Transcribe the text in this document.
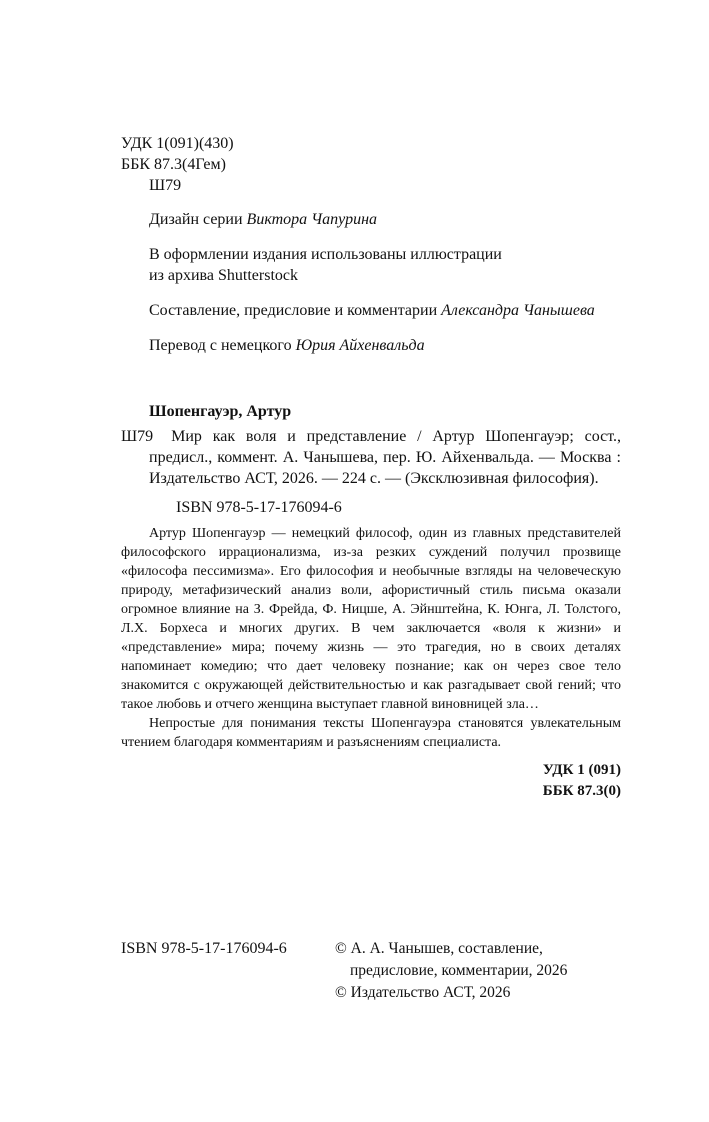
УДК 1(091)(430)
ББК 87.3(4Гем)
Ш79

Дизайн серии Виктора Чапурина

В оформлении издания использованы иллюстрации
из архива Shutterstock

Составление, предисловие и комментарии Александра Чанышева

Перевод с немецкого Юрия Айхенвальда

Шопенгауэр, Артур

Ш79 Мир как воля и представление / Артур Шопенгауэр; сост., предисл., коммент. А. Чанышева, пер. Ю. Айхенвальда. — Москва : Издательство АСТ, 2026. — 224 с. — (Эксклюзивная философия).

ISBN 978-5-17-176094-6

Артур Шопенгауэр — немецкий философ, один из главных представителей философского иррационализма, из-за резких суждений получил прозвище «философа пессимизма». Его философия и необычные взгляды на человеческую природу, метафизический анализ воли, афористичный стиль письма оказали огромное влияние на З. Фрейда, Ф. Ницше, А. Эйнштейна, К. Юнга, Л. Толстого, Л.Х. Борхеса и многих других. В чем заключается «воля к жизни» и «представление» мира; почему жизнь — это трагедия, но в своих деталях напоминает комедию; что дает человеку познание; как он через свое тело знакомится с окружающей действительностью и как разгадывает свой гений; что такое любовь и отчего женщина выступает главной виновницей зла…

Непростые для понимания тексты Шопенгауэра становятся увлекательным чтением благодаря комментариям и разъяснениям специалиста.

УДК 1 (091)
ББК 87.3(0)
ISBN 978-5-17-176094-6	© А. А. Чанышев, составление,
предисловие, комментарии, 2026
© Издательство АСТ, 2026
